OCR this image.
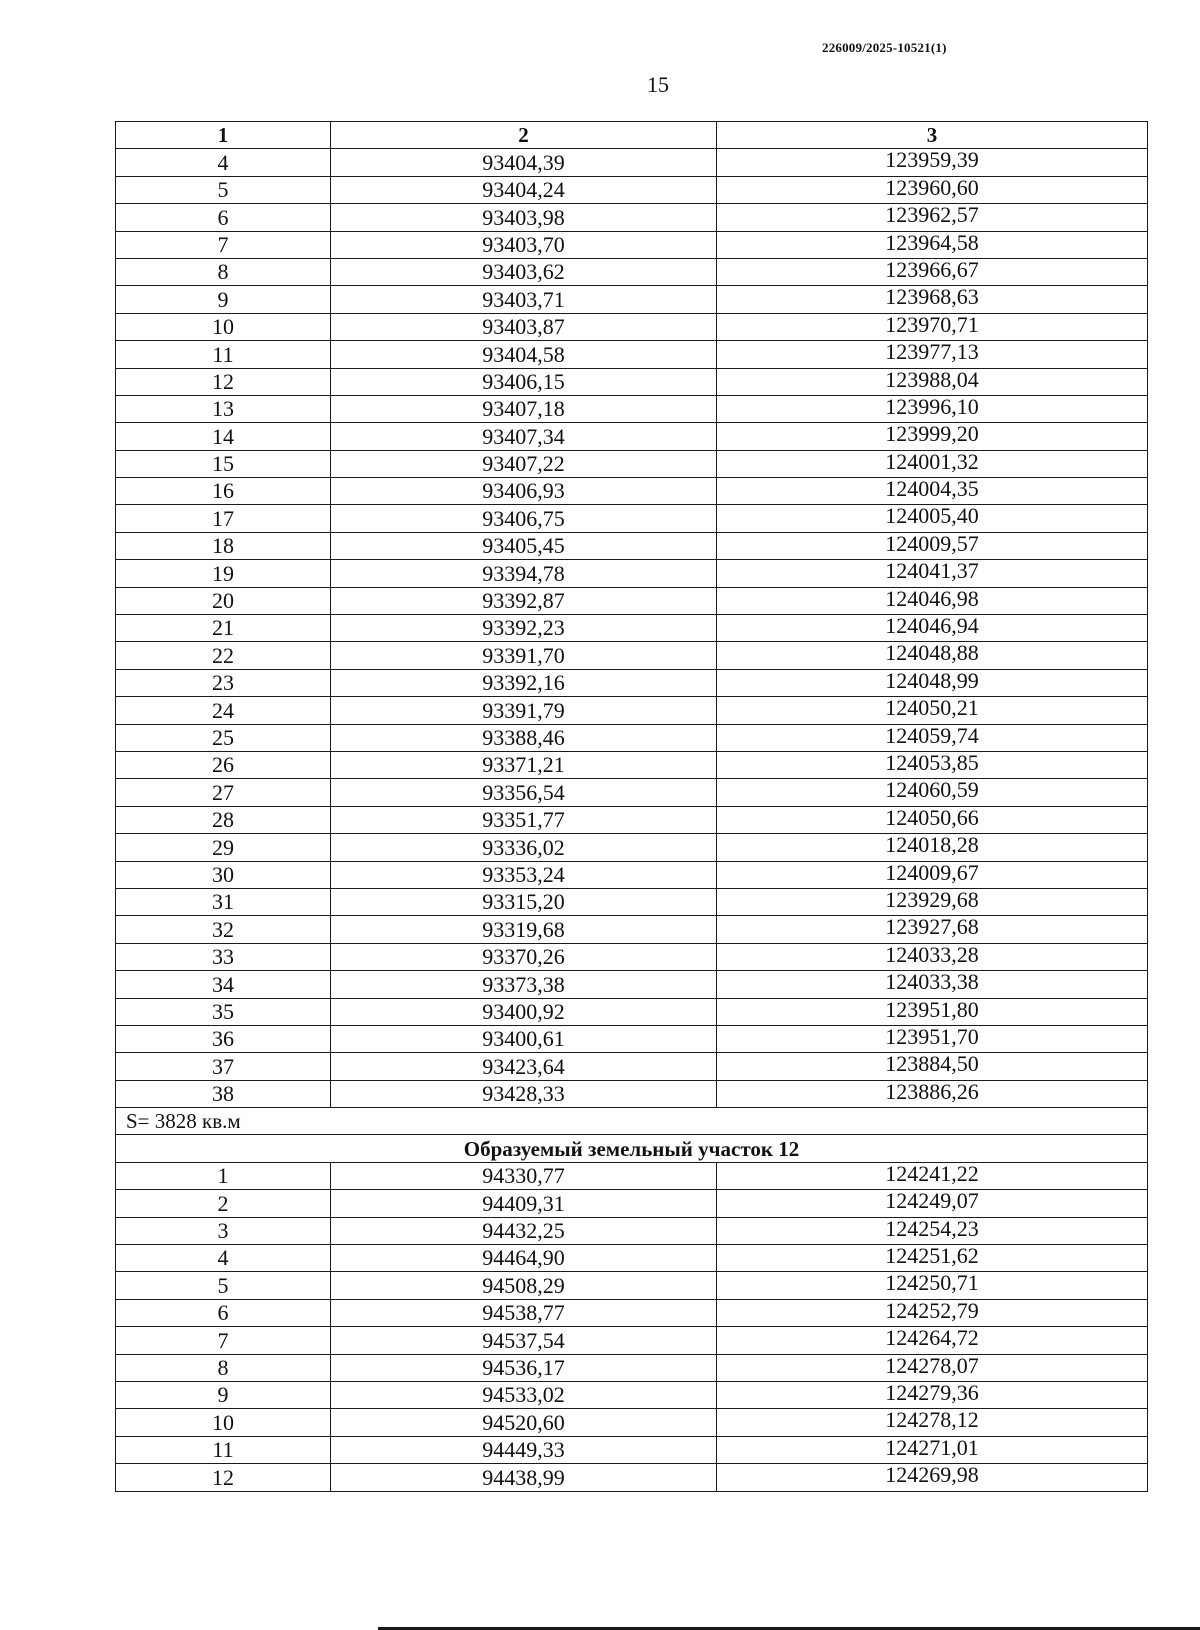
226009/2025-10521(1)
15
1	2	3
4	93404,39	123959,39
5	93404,24	123960,60
6	93403,98	123962,57
7	93403,70	123964,58
8	93403,62	123966,67
9	93403,71	123968,63
10	93403,87	123970,71
11	93404,58	123977,13
12	93406,15	123988,04
13	93407,18	123996,10
14	93407,34	123999,20
15	93407,22	124001,32
16	93406,93	124004,35
17	93406,75	124005,40
18	93405,45	124009,57
19	93394,78	124041,37
20	93392,87	124046,98
21	93392,23	124046,94
22	93391,70	124048,88
23	93392,16	124048,99
24	93391,79	124050,21
25	93388,46	124059,74
26	93371,21	124053,85
27	93356,54	124060,59
28	93351,77	124050,66
29	93336,02	124018,28
30	93353,24	124009,67
31	93315,20	123929,68
32	93319,68	123927,68
33	93370,26	124033,28
34	93373,38	124033,38
35	93400,92	123951,80
36	93400,61	123951,70
37	93423,64	123884,50
38	93428,33	123886,26
S= 3828 кв.м		
Образуемый земельный участок 12		
1	94330,77	124241,22
2	94409,31	124249,07
3	94432,25	124254,23
4	94464,90	124251,62
5	94508,29	124250,71
6	94538,77	124252,79
7	94537,54	124264,72
8	94536,17	124278,07
9	94533,02	124279,36
10	94520,60	124278,12
11	94449,33	124271,01
12	94438,99	124269,98
